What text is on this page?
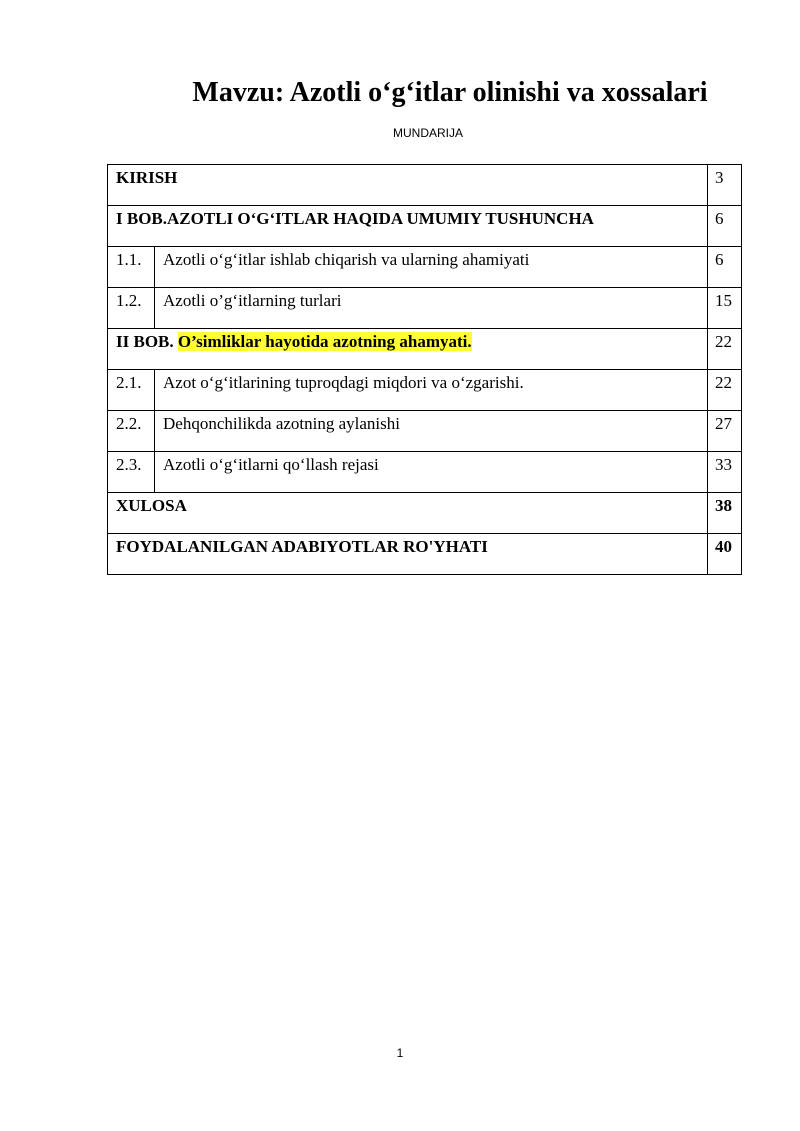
Mavzu: Azotli o‘g‘itlar olinishi va xossalari
MUNDARIJA
KIRISH		3

I BOB.AZOTLI O‘G‘ITLAR HAQIDA UMUMIY TUSHUNCHA		6

1.1.	Azotli o‘g‘itlar ishlab chiqarish va ularning ahamiyati	6

1.2.	Azotli o’g‘itlarning turlari	15

II BOB. O’simliklar hayotida azotning ahamyati.		22

2.1.	Azot o‘g‘itlarining tuproqdagi miqdori va o‘zgarishi.	22

2.2.	Dehqonchilikda azotning aylanishi	27

2.3.	Azotli o‘g‘itlarni qo‘llash rejasi	33

XULOSA		38

FOYDALANILGAN ADABIYOTLAR RO'YHATI		40
1
